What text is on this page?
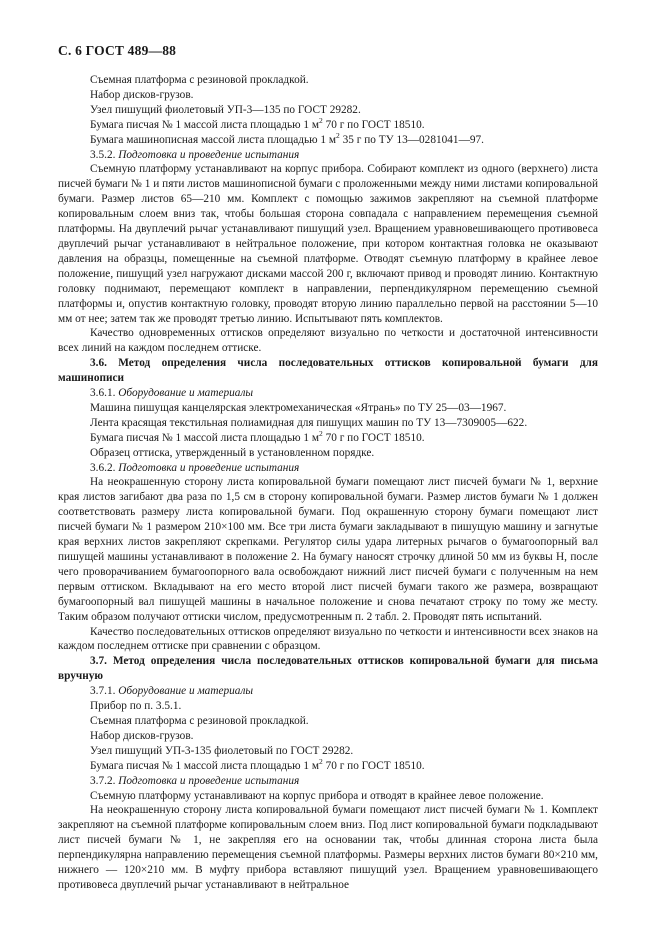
С. 6 ГОСТ 489—88

Съемная платформа с резиновой прокладкой.

Набор дисков-грузов.

Узел пишущий фиолетовый УП-3—135 по ГОСТ 29282.

Бумага писчая № 1 массой листа площадью 1 $м^2$ 70 г по ГОСТ 18510.

Бумага машинописная массой листа площадью 1 $м^2$ 35 г по ТУ 13—0281041—97.

3.5.2. Подготовка и проведение испытания

Съемную платформу устанавливают на корпус прибора. Собирают комплект из одного (верхнего) листа писчей бумаги № 1 и пяти листов машинописной бумаги с проложенными между ними листами копировальной бумаги. Размер листов 65—210 мм. Комплект с помощью зажимов закрепляют на съемной платформе копировальным слоем вниз так, чтобы большая сторона совпадала с направлением перемещения съемной платформы. На двуплечий рычаг устанавливают пишущий узел. Вращением уравновешивающего противовеса двуплечий рычаг устанавливают в нейтральное положение, при котором контактная головка не оказывают давления на образцы, помещенные на съемной платформе. Отводят съемную платформу в крайнее левое положение, пишущий узел нагружают дисками массой 200 г, включают привод и проводят линию. Контактную головку поднимают, перемещают комплект в направлении, перпендикулярном перемещению съемной платформы и, опустив контактную головку, проводят вторую линию параллельно первой на расстоянии 5—10 мм от нее; затем так же проводят третью линию. Испытывают пять комплектов.

Качество одновременных оттисков определяют визуально по четкости и достаточной интенсивности всех линий на каждом последнем оттиске.

3.6. Метод определения числа последовательных оттисков копировальной бумаги для машинописи

3.6.1. Оборудование и материалы

Машина пишущая канцелярская электромеханическая «Ятрань» по ТУ 25—03—1967.

Лента красящая текстильная полиамидная для пишущих машин по ТУ 13—7309005—622.

Бумага писчая № 1 массой листа площадью 1 $м^2$ 70 г по ГОСТ 18510.

Образец оттиска, утвержденный в установленном порядке.

3.6.2. Подготовка и проведение испытания

На неокрашенную сторону листа копировальной бумаги помещают лист писчей бумаги № 1, верхние края листов загибают два раза по 1,5 см в сторону копировальной бумаги. Размер листов бумаги № 1 должен соответствовать размеру листа копировальной бумаги. Под окрашенную сторону бумаги помещают лист писчей бумаги № 1 размером 210×100 мм. Все три листа бумаги закладывают в пишущую машину и загнутые края верхних листов закрепляют скрепками. Регулятор силы удара литерных рычагов о бумагоопорный вал пишущей машины устанавливают в положение 2. На бумагу наносят строчку длиной 50 мм из буквы Н, после чего проворачиванием бумагоопорного вала освобождают нижний лист писчей бумаги с полученным на нем первым оттиском. Вкладывают на его место второй лист писчей бумаги такого же размера, возвращают бумагоопорный вал пишущей машины в начальное положение и снова печатают строку по тому же месту. Таким образом получают оттиски числом, предусмотренным п. 2 табл. 2. Проводят пять испытаний.

Качество последовательных оттисков определяют визуально по четкости и интенсивности всех знаков на каждом последнем оттиске при сравнении с образцом.

3.7. Метод определения числа последовательных оттисков копировальной бумаги для письма вручную

3.7.1. Оборудование и материалы

Прибор по п. 3.5.1.

Съемная платформа с резиновой прокладкой.

Набор дисков-грузов.

Узел пишущий УП-3-135 фиолетовый по ГОСТ 29282.

Бумага писчая № 1 массой листа площадью 1 $м^2$ 70 г по ГОСТ 18510.

3.7.2. Подготовка и проведение испытания

Съемную платформу устанавливают на корпус прибора и отводят в крайнее левое положение.

На неокрашенную сторону листа копировальной бумаги помещают лист писчей бумаги № 1. Комплект закрепляют на съемной платформе копировальным слоем вниз. Под лист копировальной бумаги подкладывают лист писчей бумаги № 1, не закрепляя его на основании так, чтобы длинная сторона листа была перпендикулярна направлению перемещения съемной платформы. Размеры верхних листов бумаги 80×210 мм, нижнего — 120×210 мм. В муфту прибора вставляют пишущий узел. Вращением уравновешивающего противовеса двуплечий рычаг устанавливают в нейтральное
